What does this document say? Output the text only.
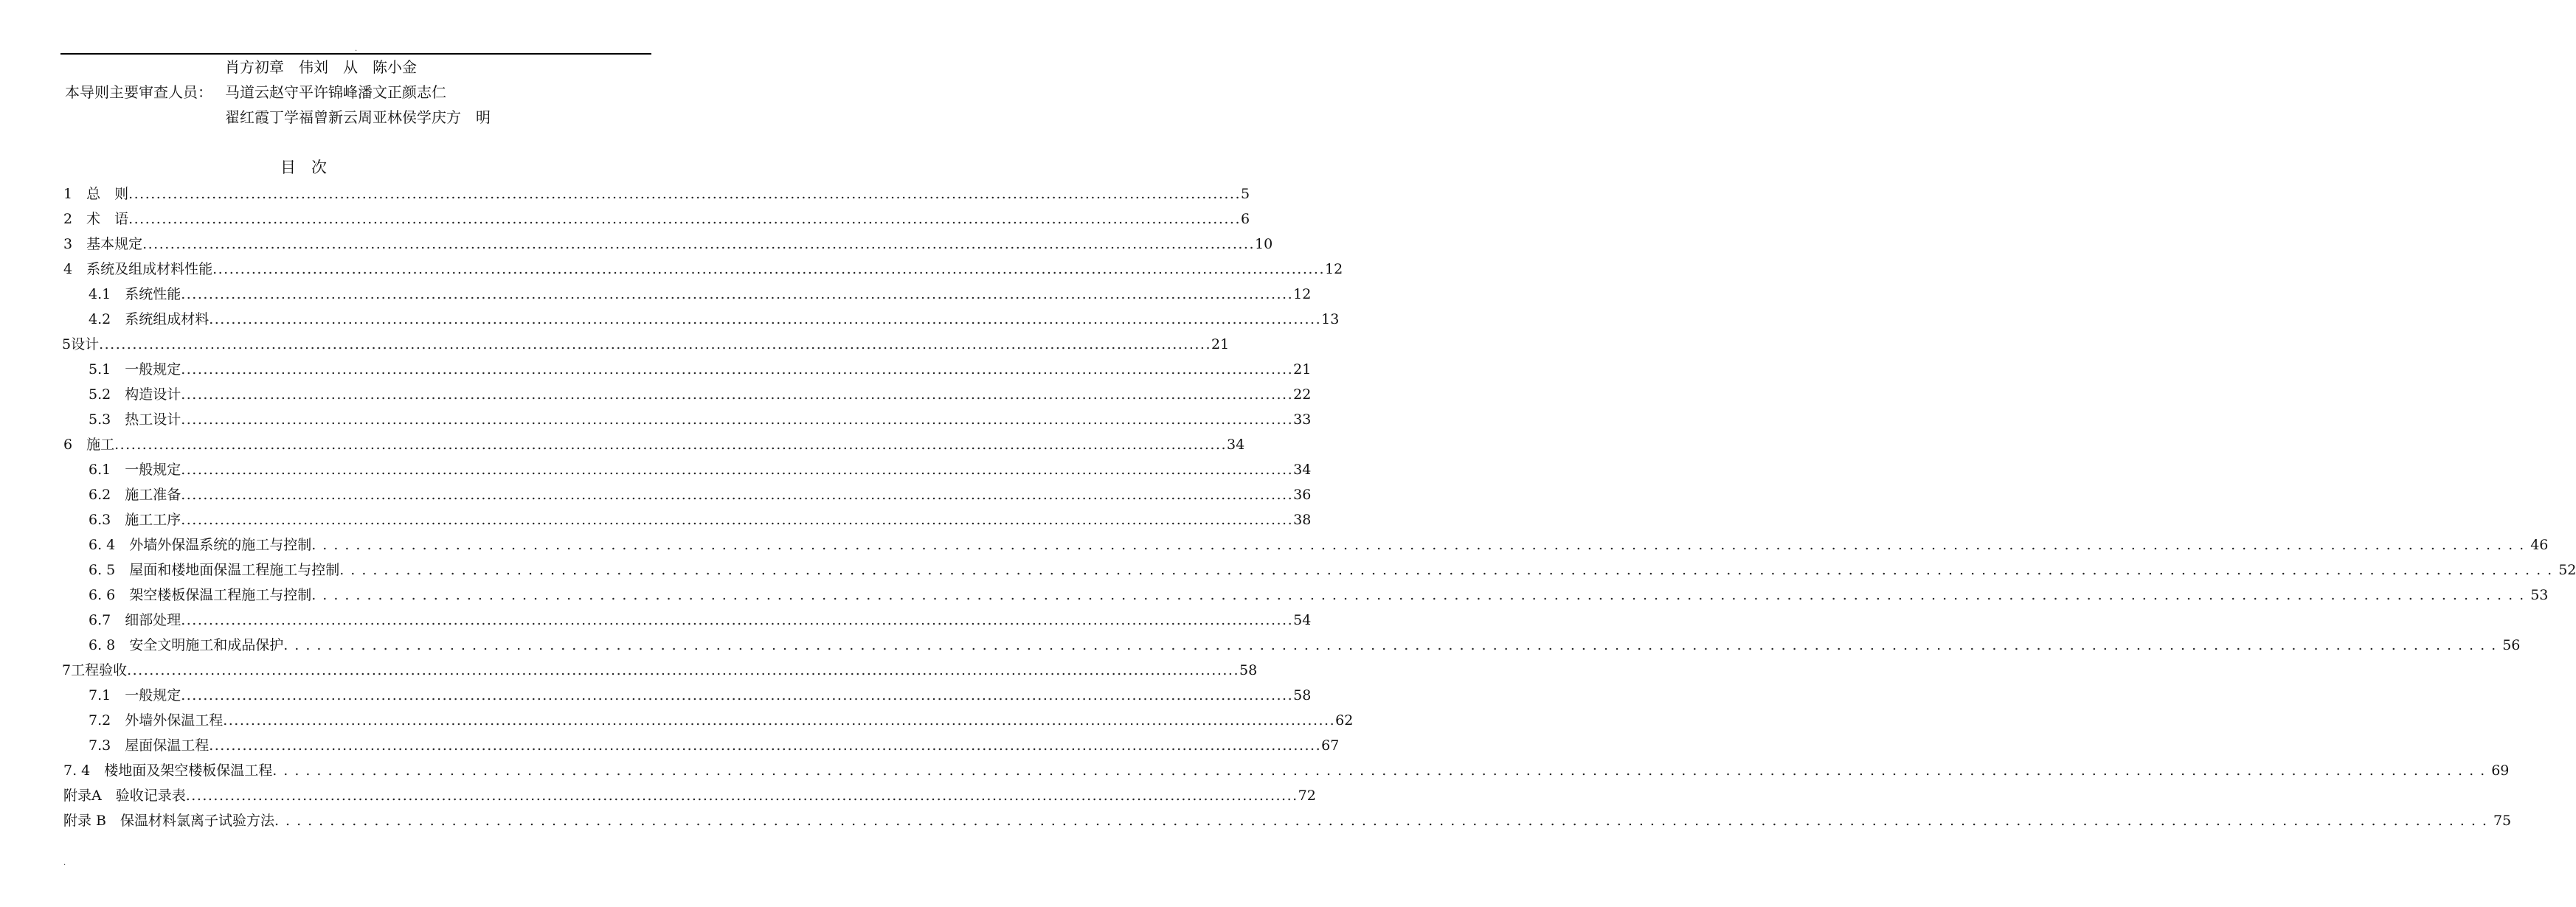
.
肖方初章　伟刘　从　陈小金
本导则主要审查人员： 马道云赵守平许锦峰潘文正颜志仁
翟红霞丁学福曾新云周亚林侯学庆方　明
目　次
1　总　则 ........................................................................................................................................................................................................ 5
2　术　语 ........................................................................................................................................................................................................ 6
3　基本规定 ........................................................................................................................................................................................................ 10
4　系统及组成材料性能 ........................................................................................................................................................................................................ 12
4.1　系统性能 ........................................................................................................................................................................................................ 12
4.2　系统组成材料 ........................................................................................................................................................................................................ 13
5设计 ........................................................................................................................................................................................................ 21
5.1　一般规定 ........................................................................................................................................................................................................ 21
5.2　构造设计 ........................................................................................................................................................................................................ 22
5.3　热工设计 ........................................................................................................................................................................................................ 33
6　施工 ........................................................................................................................................................................................................ 34
6.1　一般规定 ........................................................................................................................................................................................................ 34
6.2　施工准备 ........................................................................................................................................................................................................ 36
6.3　施工工序 ........................................................................................................................................................................................................ 38
6. 4　外墙外保温系统的施工与控制 ........................................................................................................................................................................................................ 46
6. 5　屋面和楼地面保温工程施工与控制 ........................................................................................................................................................................................................ 52
6. 6　架空楼板保温工程施工与控制 ........................................................................................................................................................................................................ 53
6.7　细部处理 ........................................................................................................................................................................................................ 54
6. 8　安全文明施工和成品保护 ........................................................................................................................................................................................................ 56
7工程验收 ........................................................................................................................................................................................................ 58
7.1　一般规定 ........................................................................................................................................................................................................ 58
7.2　外墙外保温工程 ........................................................................................................................................................................................................ 62
7.3　屋面保温工程 ........................................................................................................................................................................................................ 67
7. 4　楼地面及架空楼板保温工程 ........................................................................................................................................................................................................ 69
附录A　验收记录表 ........................................................................................................................................................................................................ 72
附录 B　保温材料氯离子试验方法 ........................................................................................................................................................................................................ 75
.
